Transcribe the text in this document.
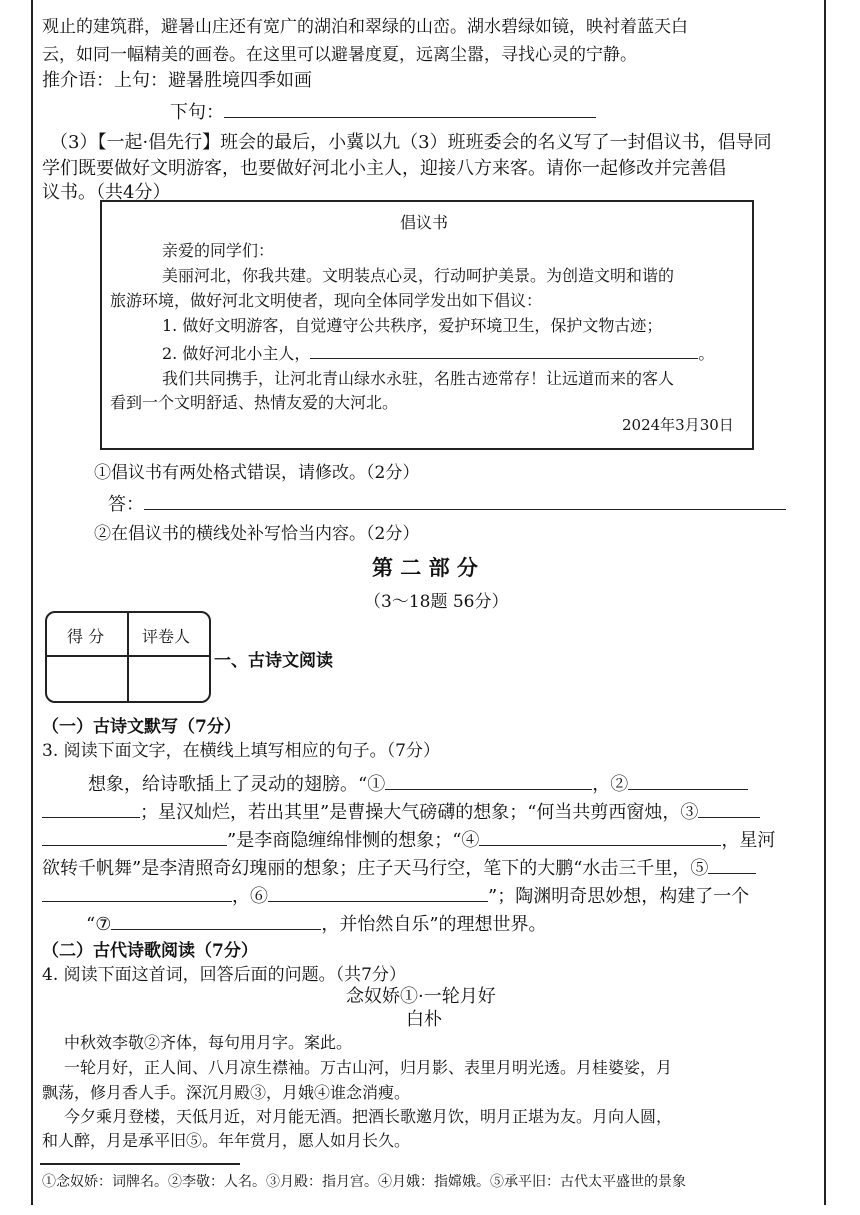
观止的建筑群，避暑山庄还有宽广的湖泊和翠绿的山峦。湖水碧绿如镜，映衬着蓝天白
云，如同一幅精美的画卷。在这里可以避暑度夏，远离尘嚣，寻找心灵的宁静。
推介语：上句：避暑胜境四季如画
下句：
（3）【一起·倡先行】班会的最后，小冀以九（3）班班委会的名义写了一封倡议书，倡导同
学们既要做好文明游客，也要做好河北小主人，迎接八方来客。请你一起修改并完善倡
议书。（共4分）
倡议书
亲爱的同学们：
美丽河北，你我共建。文明装点心灵，行动呵护美景。为创造文明和谐的
旅游环境，做好河北文明使者，现向全体同学发出如下倡议：
1. 做好文明游客，自觉遵守公共秩序，爱护环境卫生，保护文物古迹；
2. 做好河北小主人，	。
我们共同携手，让河北青山绿水永驻，名胜古迹常存！让远道而来的客人
看到一个文明舒适、热情友爱的大河北。
2024年3月30日
①倡议书有两处格式错误，请修改。（2分）
答：
②在倡议书的横线处补写恰当内容。（2分）
第 二 部 分
（3～18题 56分）
得 分 评卷人
一、古诗文阅读
（一）古诗文默写（7分）
3. 阅读下面文字，在横线上填写相应的句子。（7分）
想象，给诗歌插上了灵动的翅膀。“①	，②
；星汉灿烂，若出其里”是曹操大气磅礴的想象；“何当共剪西窗烛，③
”是李商隐缠绵悱恻的想象；“④	，星河
欲转千帆舞”是李清照奇幻瑰丽的想象；庄子天马行空，笔下的大鹏“水击三千里，⑤
，⑥	”；陶渊明奇思妙想，构建了一个
“⑦	，并怡然自乐”的理想世界。
（二）古代诗歌阅读（7分）
4. 阅读下面这首词，回答后面的问题。（共7分）
念奴娇①·一轮月好
白朴
中秋效李敬②齐体，每句用月字。案此。
一轮月好，正人间、八月凉生襟袖。万古山河，归月影、表里月明光透。月桂婆娑，月
飘荡，修月香人手。深沉月殿③，月娥④谁念消瘦。
今夕乘月登楼，天低月近，对月能无酒。把酒长歌邀月饮，明月正堪为友。月向人圆，
和人醉，月是承平旧⑤。年年赏月，愿人如月长久。
①念奴娇：词牌名。②李敬：人名。③月殿：指月宫。④月娥：指嫦娥。⑤承平旧：古代太平盛世的景象
